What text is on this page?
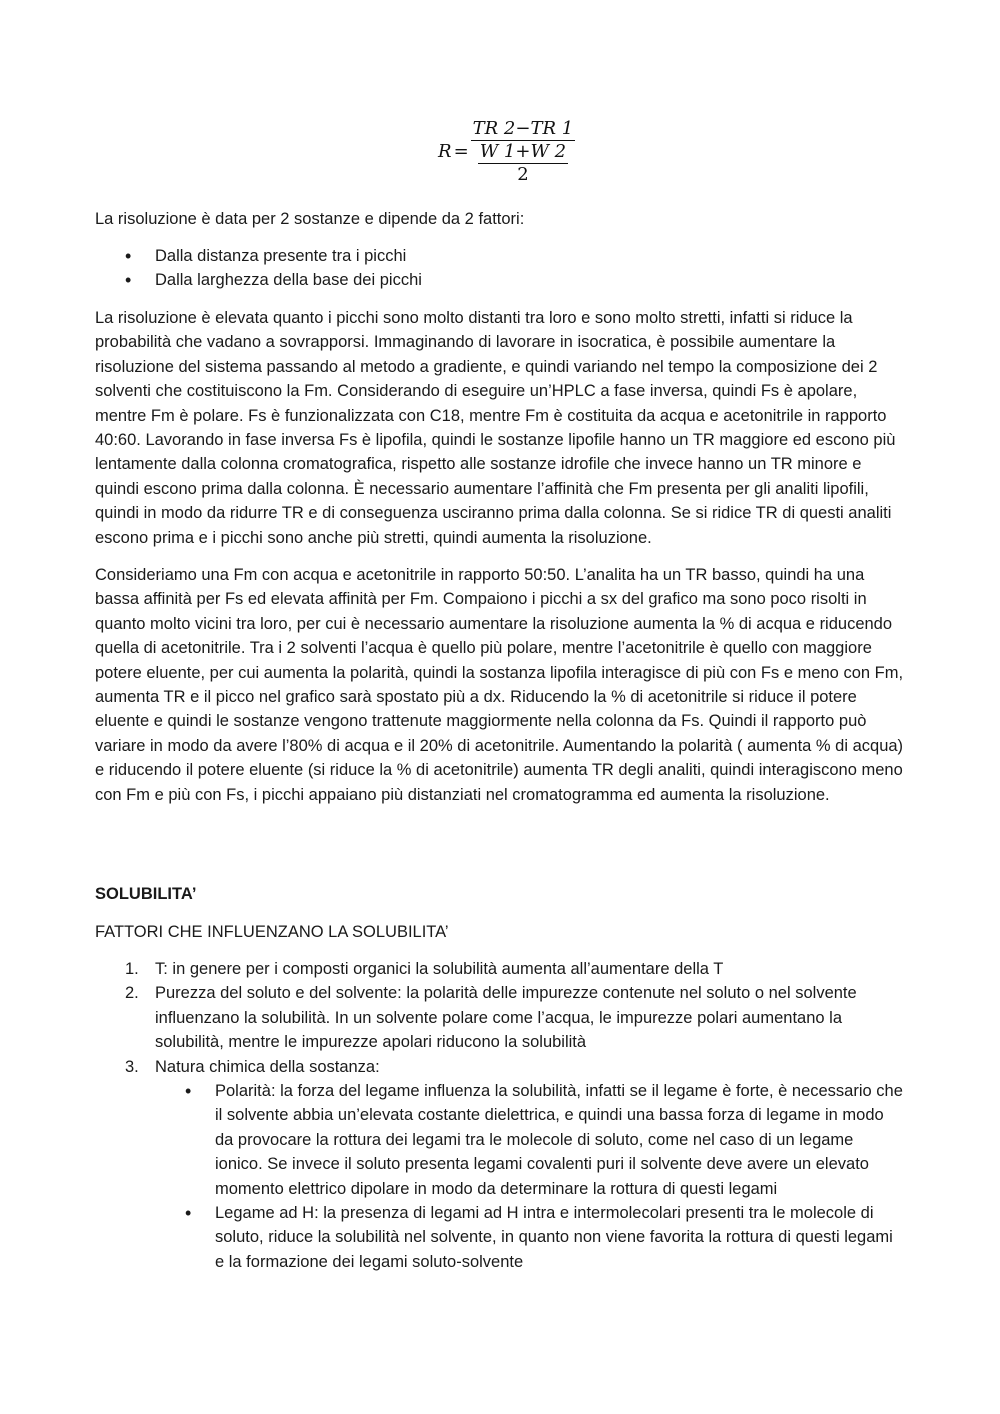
R = TR 2−TR 1
W 1+W 2
2

La risoluzione è data per 2 sostanze e dipende da 2 fattori:

• Dalla distanza presente tra i picchi
• Dalla larghezza della base dei picchi

La risoluzione è elevata quanto i picchi sono molto distanti tra loro e sono molto stretti, infatti si riduce la probabilità che vadano a sovrapporsi. Immaginando di lavorare in isocratica, è possibile aumentare la risoluzione del sistema passando al metodo a gradiente, e quindi variando nel tempo la composizione dei 2 solventi che costituiscono la Fm. Considerando di eseguire un’HPLC a fase inversa, quindi Fs è apolare, mentre Fm è polare. Fs è funzionalizzata con C18, mentre Fm è costituita da acqua e acetonitrile in rapporto 40:60. Lavorando in fase inversa Fs è lipofila, quindi le sostanze lipofile hanno un TR maggiore ed escono più lentamente dalla colonna cromatografica, rispetto alle sostanze idrofile che invece hanno un TR minore e quindi escono prima dalla colonna. È necessario aumentare l’affinità che Fm presenta per gli analiti lipofili, quindi in modo da ridurre TR e di conseguenza usciranno prima dalla colonna. Se si ridice TR di questi analiti escono prima e i picchi sono anche più stretti, quindi aumenta la risoluzione.

Consideriamo una Fm con acqua e acetonitrile in rapporto 50:50. L’analita ha un TR basso, quindi ha una bassa affinità per Fs ed elevata affinità per Fm. Compaiono i picchi a sx del grafico ma sono poco risolti in quanto molto vicini tra loro, per cui è necessario aumentare la risoluzione aumenta la % di acqua e riducendo quella di acetonitrile. Tra i 2 solventi l’acqua è quello più polare, mentre l’acetonitrile è quello con maggiore potere eluente, per cui aumenta la polarità, quindi la sostanza lipofila interagisce di più con Fs e meno con Fm, aumenta TR e il picco nel grafico sarà spostato più a dx. Riducendo la % di acetonitrile si riduce il potere eluente e quindi le sostanze vengono trattenute maggiormente nella colonna da Fs. Quindi il rapporto può variare in modo da avere l’80% di acqua e il 20% di acetonitrile. Aumentando la polarità ( aumenta % di acqua) e riducendo il potere eluente (si riduce la % di acetonitrile) aumenta TR degli analiti, quindi interagiscono meno con Fm e più con Fs, i picchi appaiano più distanziati nel cromatogramma ed aumenta la risoluzione.

SOLUBILITA’

FATTORI CHE INFLUENZANO LA SOLUBILITA’

1. T: in genere per i composti organici la solubilità aumenta all’aumentare della T
2. Purezza del soluto e del solvente: la polarità delle impurezze contenute nel soluto o nel solvente influenzano la solubilità. In un solvente polare come l’acqua, le impurezze polari aumentano la solubilità, mentre le impurezze apolari riducono la solubilità
3. Natura chimica della sostanza:
• Polarità: la forza del legame influenza la solubilità, infatti se il legame è forte, è necessario che il solvente abbia un’elevata costante dielettrica, e quindi una bassa forza di legame in modo da provocare la rottura dei legami tra le molecole di soluto, come nel caso di un legame ionico. Se invece il soluto presenta legami covalenti puri il solvente deve avere un elevato momento elettrico dipolare in modo da determinare la rottura di questi legami
• Legame ad H: la presenza di legami ad H intra e intermolecolari presenti tra le molecole di soluto, riduce la solubilità nel solvente, in quanto non viene favorita la rottura di questi legami e la formazione dei legami soluto-solvente
